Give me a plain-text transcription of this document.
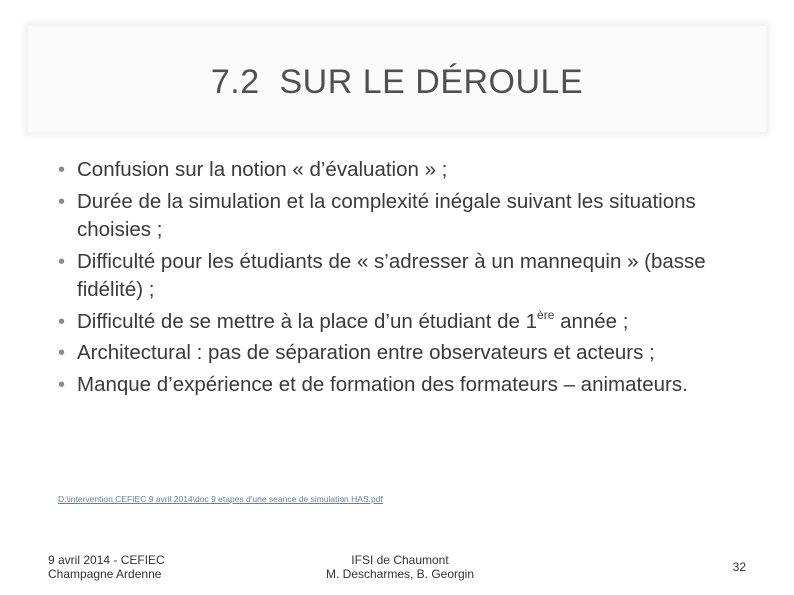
7.2  SUR LE DÉROULE
• Confusion sur la notion « d’évaluation » ;
• Durée de la simulation et la complexité inégale suivant les situations choisies ;
• Difficulté pour les étudiants de « s’adresser à un mannequin » (basse fidélité) ;
• Difficulté de se mettre à la place d’un étudiant de 1ère année ;
• Architectural : pas de séparation entre observateurs et acteurs ;
• Manque d’expérience et de formation des formateurs – animateurs.
D:\intervention CEFIEC 9 avril 2014\doc 9 etapes d'une seance de simulation HAS.pdf
9 avril 2014 - CEFIEC
Champagne Ardenne
IFSI de Chaumont
M. Descharmes, B. Georgin	32
